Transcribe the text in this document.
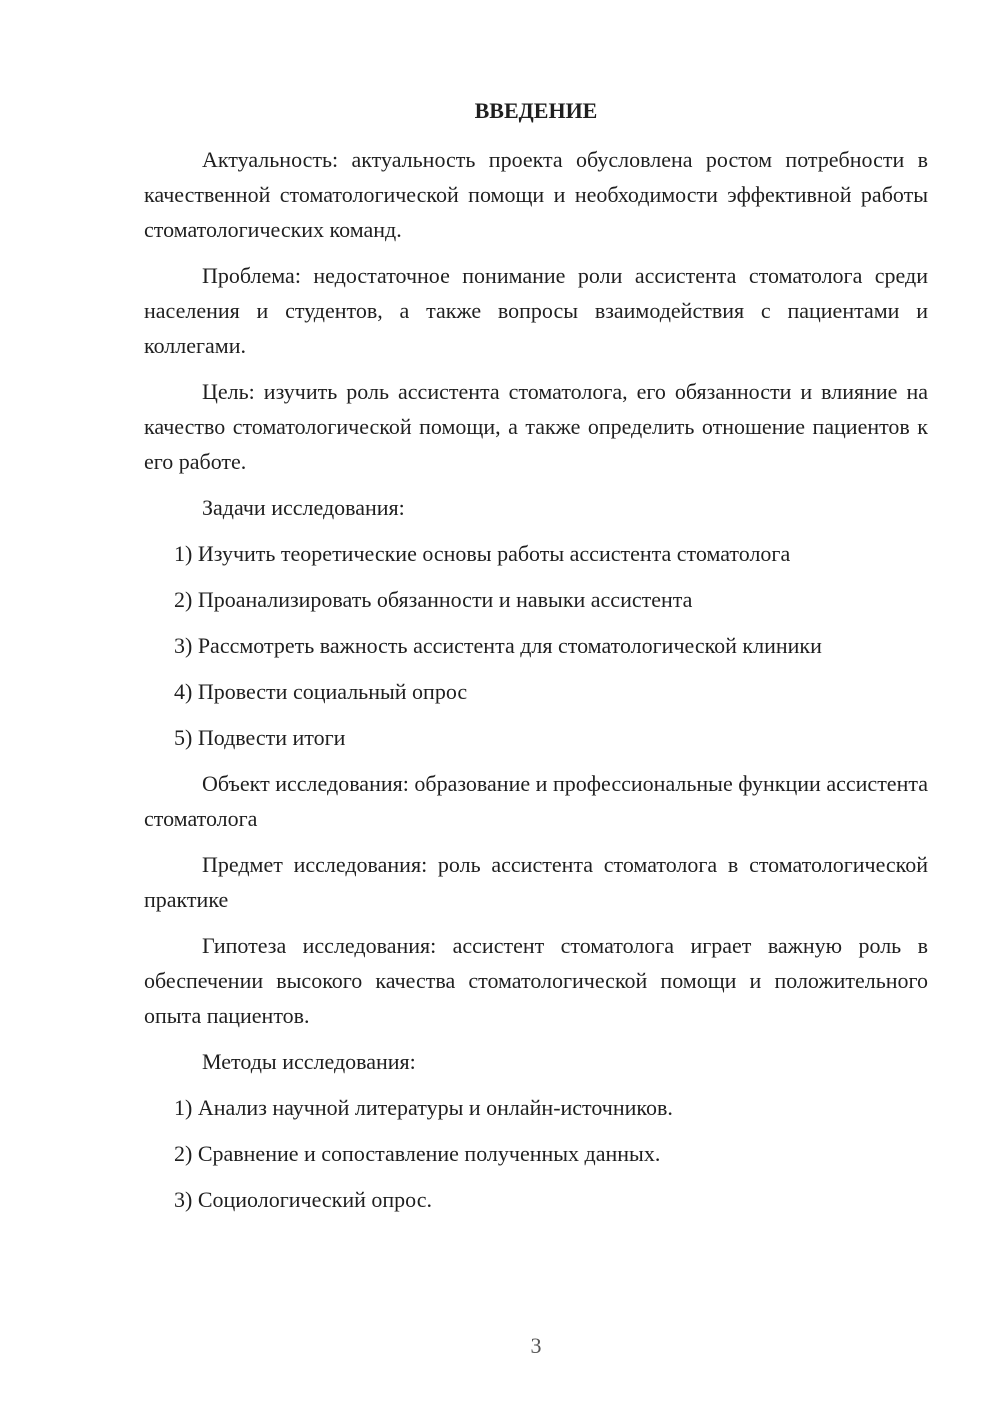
ВВЕДЕНИЕ

Актуальность: актуальность проекта обусловлена ростом потребности в качественной стоматологической помощи и необходимости эффективной работы стоматологических команд.

Проблема: недостаточное понимание роли ассистента стоматолога среди населения и студентов, а также вопросы взаимодействия с пациентами и коллегами.

Цель: изучить роль ассистента стоматолога, его обязанности и влияние на качество стоматологической помощи, а также определить отношение пациентов к его работе.

Задачи исследования:

1) Изучить теоретические основы работы ассистента стоматолога

2) Проанализировать обязанности и навыки ассистента

3) Рассмотреть важность ассистента для стоматологической клиники

4) Провести социальный опрос

5) Подвести итоги

Объект исследования: образование и профессиональные функции ассистента стоматолога

Предмет исследования: роль ассистента стоматолога в стоматологической практике

Гипотеза исследования: ассистент стоматолога играет важную роль в обеспечении высокого качества стоматологической помощи и положительного опыта пациентов.

Методы исследования:

1) Анализ научной литературы и онлайн-источников.

2) Сравнение и сопоставление полученных данных.

3) Социологический опрос.

3
